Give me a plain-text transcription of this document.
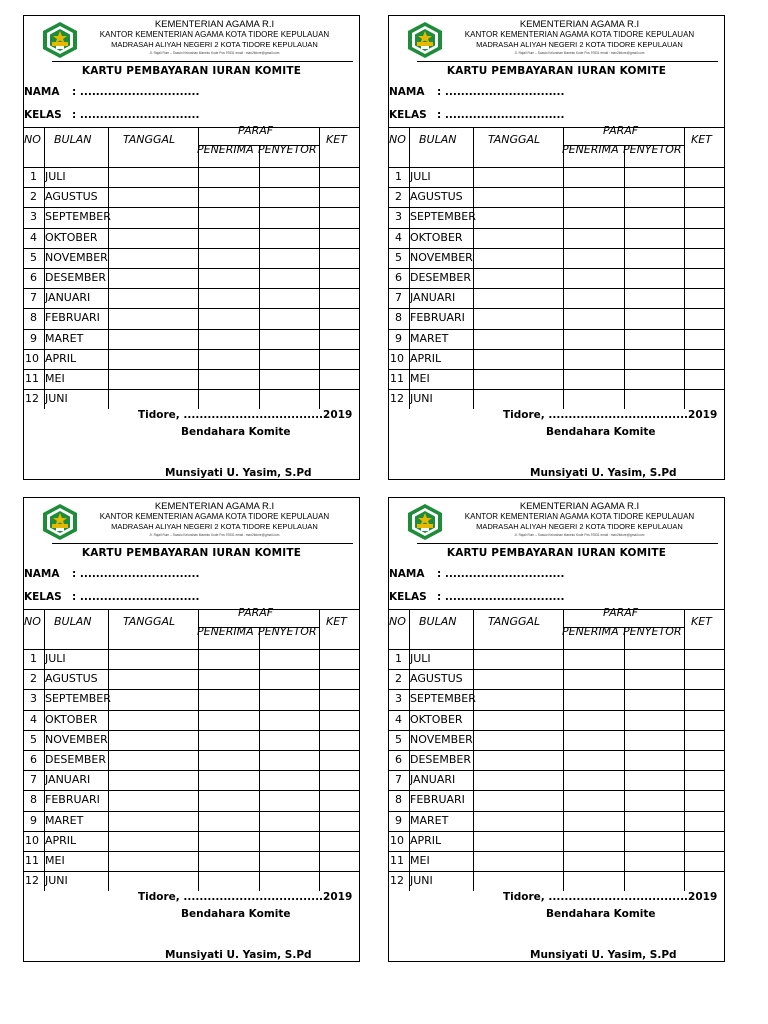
KEMENTERIAN AGAMA R.I
KANTOR KEMENTERIAN AGAMA KOTA TIDORE KEPULAUAN
MADRASAH ALIYAH NEGERI 2 KOTA TIDORE KEPULAUAN
Jl. Rajali Rum – Soasio Kelurahan Maneku Kode Pos 97831 email : man2tidore@gmail.com
KARTU PEMBAYARAN IURAN KOMITE
NAMA : ..............................
KELAS : ..............................
NO BULAN	TANGGAL
PARAF
PENERIMA PENYETOR
KET
1 JULI
2 AGUSTUS
3 SEPTEMBER
4 OKTOBER
5 NOVEMBER
6 DESEMBER
7 JANUARI
8 FEBRUARI
9 MARET
10 APRIL
11 MEI
12 JUNI
Tidore, ...................................2019
Bendahara Komite
Munsiyati U. Yasim, S.Pd
KEMENTERIAN AGAMA R.I
KANTOR KEMENTERIAN AGAMA KOTA TIDORE KEPULAUAN
MADRASAH ALIYAH NEGERI 2 KOTA TIDORE KEPULAUAN
Jl. Rajali Rum – Soasio Kelurahan Maneku Kode Pos 97831 email : man2tidore@gmail.com
KARTU PEMBAYARAN IURAN KOMITE
NAMA : ..............................
KELAS : ..............................
NO BULAN	TANGGAL
PARAF
PENERIMA PENYETOR
KET
1 JULI
2 AGUSTUS
3 SEPTEMBER
4 OKTOBER
5 NOVEMBER
6 DESEMBER
7 JANUARI
8 FEBRUARI
9 MARET
10 APRIL
11 MEI
12 JUNI
Tidore, ...................................2019
Bendahara Komite
Munsiyati U. Yasim, S.Pd
KEMENTERIAN AGAMA R.I
KANTOR KEMENTERIAN AGAMA KOTA TIDORE KEPULAUAN
MADRASAH ALIYAH NEGERI 2 KOTA TIDORE KEPULAUAN
Jl. Rajali Rum – Soasio Kelurahan Maneku Kode Pos 97831 email : man2tidore@gmail.com
KARTU PEMBAYARAN IURAN KOMITE
NAMA : ..............................
KELAS : ..............................
NO BULAN	TANGGAL
PARAF
PENERIMA PENYETOR
KET
1 JULI
2 AGUSTUS
3 SEPTEMBER
4 OKTOBER
5 NOVEMBER
6 DESEMBER
7 JANUARI
8 FEBRUARI
9 MARET
10 APRIL
11 MEI
12 JUNI
Tidore, ...................................2019
Bendahara Komite
Munsiyati U. Yasim, S.Pd
KEMENTERIAN AGAMA R.I
KANTOR KEMENTERIAN AGAMA KOTA TIDORE KEPULAUAN
MADRASAH ALIYAH NEGERI 2 KOTA TIDORE KEPULAUAN
Jl. Rajali Rum – Soasio Kelurahan Maneku Kode Pos 97831 email : man2tidore@gmail.com
KARTU PEMBAYARAN IURAN KOMITE
NAMA : ..............................
KELAS : ..............................
NO BULAN	TANGGAL
PARAF
PENERIMA PENYETOR
KET
1 JULI
2 AGUSTUS
3 SEPTEMBER
4 OKTOBER
5 NOVEMBER
6 DESEMBER
7 JANUARI
8 FEBRUARI
9 MARET
10 APRIL
11 MEI
12 JUNI
Tidore, ...................................2019
Bendahara Komite
Munsiyati U. Yasim, S.Pd
